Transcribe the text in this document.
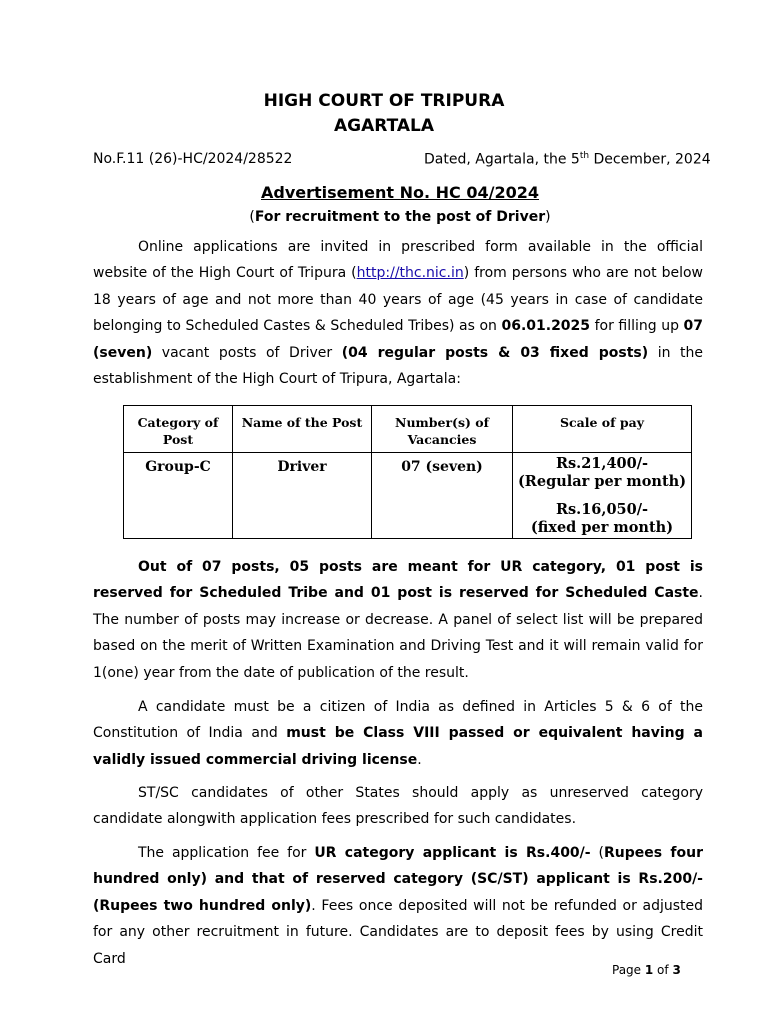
HIGH COURT OF TRIPURA
AGARTALA
No.F.11 (26)-HC/2024/28522	Dated, Agartala, the 5th December, 2024
Advertisement No. HC 04/2024
(For recruitment to the post of Driver)

Online applications are invited in prescribed form available in the official website of the High Court of Tripura (http://thc.nic.in) from persons who are not below 18 years of age and not more than 40 years of age (45 years in case of candidate belonging to Scheduled Castes & Scheduled Tribes) as on 06.01.2025 for filling up 07 (seven) vacant posts of Driver (04 regular posts & 03 fixed posts) in the establishment of the High Court of Tripura, Agartala:

Category of Post	Name of the Post	Number(s) of Vacancies	Scale of pay
Group-C	Driver	07 (seven)	Rs.21,400/-
(Regular per month)
Rs.16,050/-
(fixed per month)

Out of 07 posts, 05 posts are meant for UR category, 01 post is reserved for Scheduled Tribe and 01 post is reserved for Scheduled Caste. The number of posts may increase or decrease. A panel of select list will be prepared based on the merit of Written Examination and Driving Test and it will remain valid for 1(one) year from the date of publication of the result.

A candidate must be a citizen of India as defined in Articles 5 & 6 of the Constitution of India and must be Class VIII passed or equivalent having a validly issued commercial driving license.

ST/SC candidates of other States should apply as unreserved category candidate alongwith application fees prescribed for such candidates.

The application fee for UR category applicant is Rs.400/- (Rupees four hundred only) and that of reserved category (SC/ST) applicant is Rs.200/- (Rupees two hundred only). Fees once deposited will not be refunded or adjusted for any other recruitment in future. Candidates are to deposit fees by using Credit Card

Page 1 of 3
